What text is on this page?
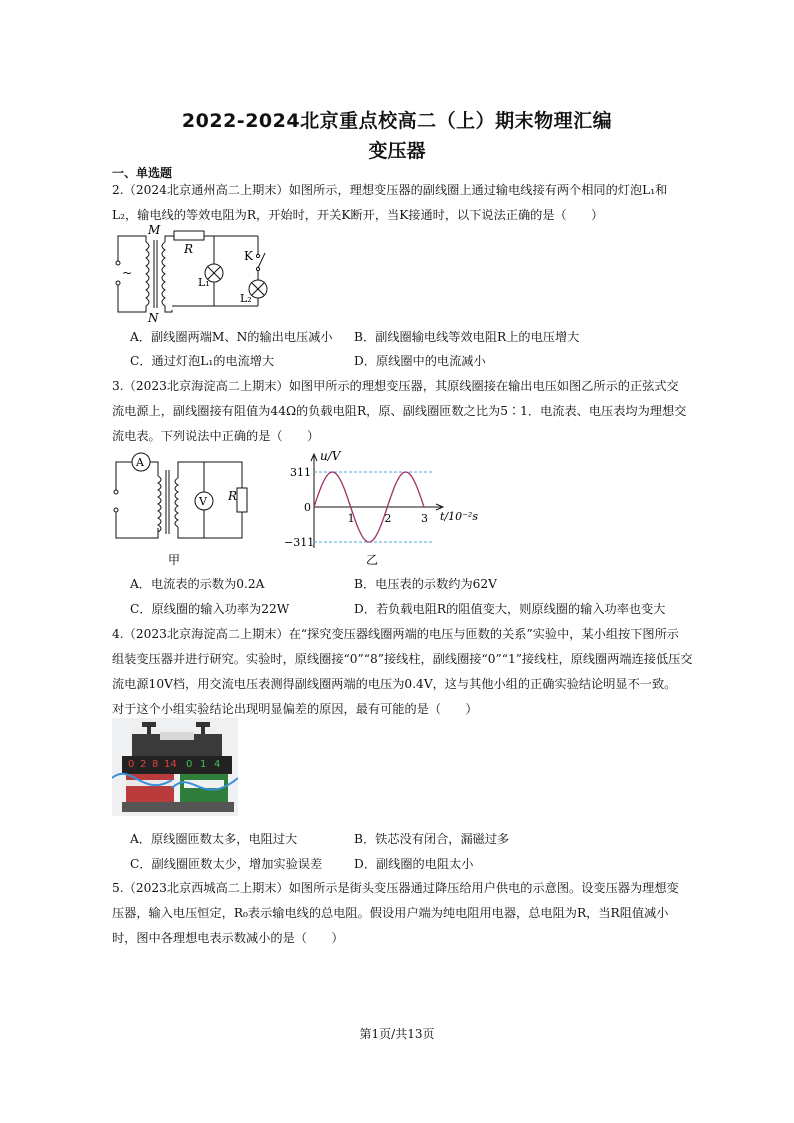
2022-2024北京重点校高二（上）期末物理汇编
变压器
一、单选题
2.（2024北京通州高二上期末）如图所示，理想变压器的副线圈上通过输电线接有两个相同的灯泡L₁和
L₂，输电线的等效电阻为R，开始时，开关K断开，当K接通时，以下说法正确的是（　　）
~
M
N
R	K
L₁
L₂
A．副线圈两端M、N的输出电压减小 B．副线圈输电线等效电阻R上的电压增大
C．通过灯泡L₁的电流增大	D．原线圈中的电流减小
3.（2023北京海淀高二上期末）如图甲所示的理想变压器，其原线圈接在输出电压如图乙所示的正弦式交
流电源上，副线圈接有阻值为44Ω的负载电阻R，原、副线圈匝数之比为5∶1．电流表、电压表均为理想交
流电表。下列说法中正确的是（　　）
A
V R
甲
0
1	2	3
311
−311
u/V
t/10⁻²s
乙
A．电流表的示数为0.2A	B．电压表的示数约为62V
C．原线圈的输入功率为22W	D．若负载电阻R的阻值变大，则原线圈的输入功率也变大
4.（2023北京海淀高二上期末）在“探究变压器线圈两端的电压与匝数的关系”实验中，某小组按下图所示
组装变压器并进行研究。实验时，原线圈接“0”“8”接线柱，副线圈接“0”“1”接线柱，原线圈两端连接低压交
流电源10V档，用交流电压表测得副线圈两端的电压为0.4V，这与其他小组的正确实验结论明显不一致。
对于这个小组实验结论出现明显偏差的原因，最有可能的是（　　）
0 2 8 14 0 1 4
A．原线圈匝数太多，电阻过大	B．铁芯没有闭合，漏磁过多
C．副线圈匝数太少，增加实验误差	D．副线圈的电阻太小
5.（2023北京西城高二上期末）如图所示是街头变压器通过降压给用户供电的示意图。设变压器为理想变
压器，输入电压恒定，R₀表示输电线的总电阻。假设用户端为纯电阻用电器，总电阻为R，当R阻值减小
时，图中各理想电表示数减小的是（　　）
第1页/共13页
